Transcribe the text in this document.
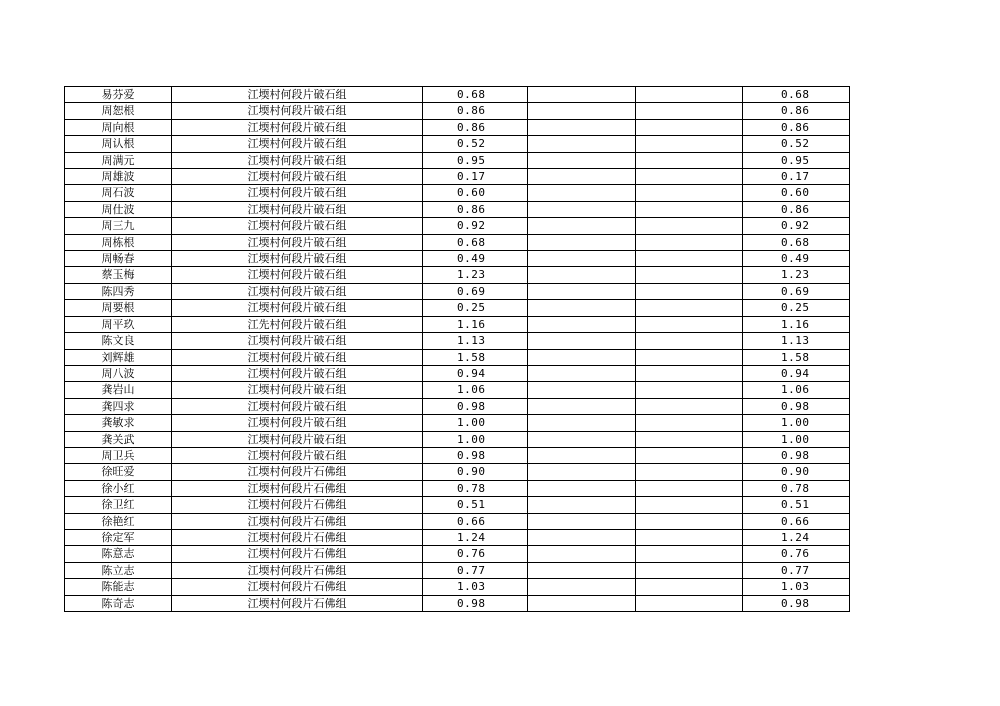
易芬爱	江堧村何段片破石组	0.68			0.68
周恕根	江堧村何段片破石组	0.86			0.86
周向根	江堧村何段片破石组	0.86			0.86
周认根	江堧村何段片破石组	0.52			0.52
周满元	江堧村何段片破石组	0.95			0.95
周雄波	江堧村何段片破石组	0.17			0.17
周石波	江堧村何段片破石组	0.60			0.60
周仕波	江堧村何段片破石组	0.86			0.86
周三九	江堧村何段片破石组	0.92			0.92
周栋根	江堧村何段片破石组	0.68			0.68
周畅春	江堧村何段片破石组	0.49			0.49
蔡玉梅	江堧村何段片破石组	1.23			1.23
陈四秀	江堧村何段片破石组	0.69			0.69
周要根	江堧村何段片破石组	0.25			0.25
周平玖	江先村何段片破石组	1.16			1.16
陈文良	江堧村何段片破石组	1.13			1.13
刘辉雄	江堧村何段片破石组	1.58			1.58
周八波	江堧村何段片破石组	0.94			0.94
龚岩山	江堧村何段片破石组	1.06			1.06
龚四求	江堧村何段片破石组	0.98			0.98
龚敏求	江堧村何段片破石组	1.00			1.00
龚关武	江堧村何段片破石组	1.00			1.00
周卫兵	江堧村何段片破石组	0.98			0.98
徐旺爱	江堧村何段片石佛组	0.90			0.90
徐小红	江堧村何段片石佛组	0.78			0.78
徐卫红	江堧村何段片石佛组	0.51			0.51
徐艳红	江堧村何段片石佛组	0.66			0.66
徐定军	江堧村何段片石佛组	1.24			1.24
陈意志	江堧村何段片石佛组	0.76			0.76
陈立志	江堧村何段片石佛组	0.77			0.77
陈能志	江堧村何段片石佛组	1.03			1.03
陈奇志	江堧村何段片石佛组	0.98			0.98
